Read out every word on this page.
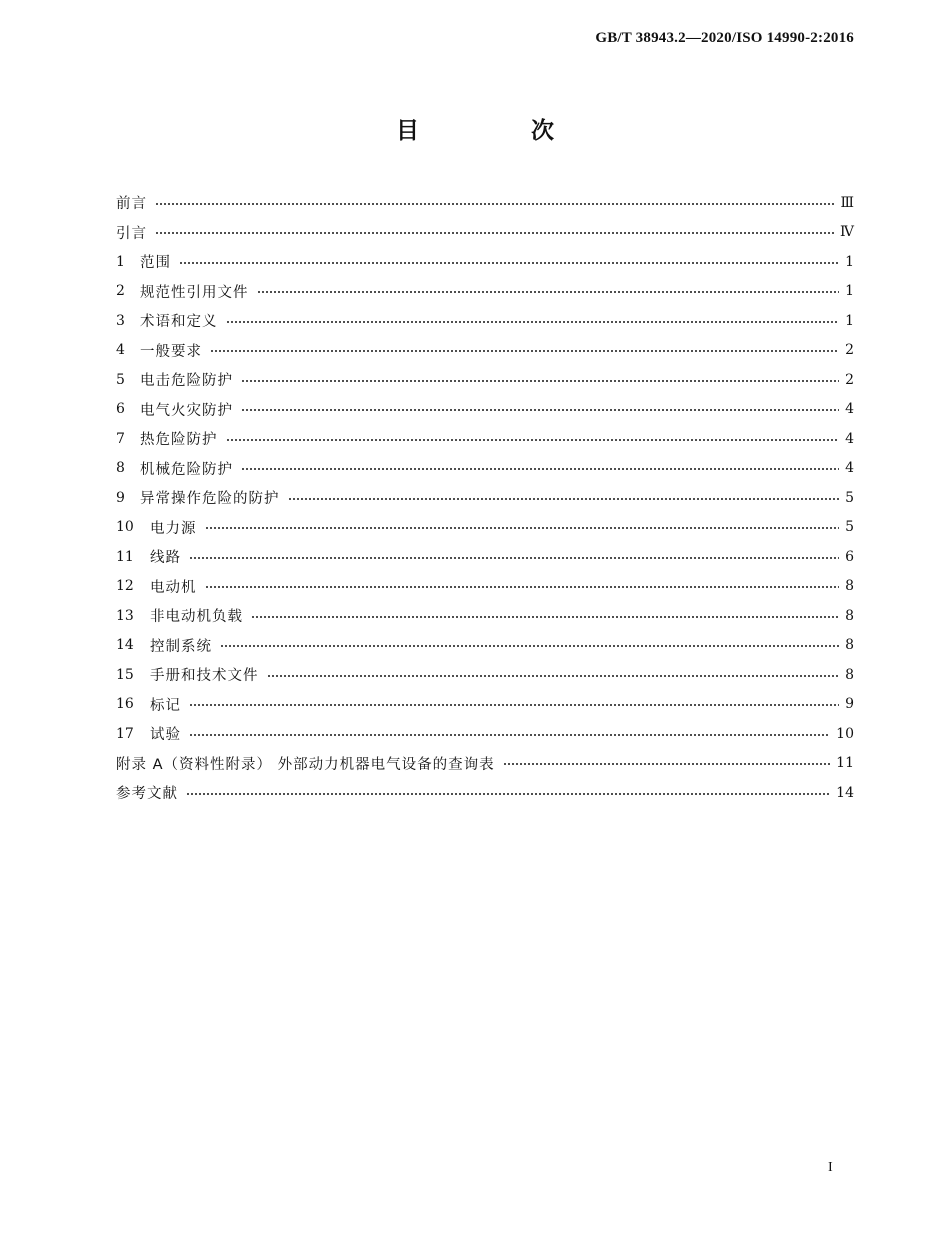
GB/T 38943.2—2020/ISO 14990-2:2016
目 次
前言	Ⅲ
引言	Ⅳ
1 范围	1
2 规范性引用文件	1
3 术语和定义	1
4 一般要求	2
5 电击危险防护	2
6 电气火灾防护	4
7 热危险防护	4
8 机械危险防护	4
9 异常操作危险的防护	5
10 电力源	5
11 线路	6
12 电动机	8
13 非电动机负载	8
14 控制系统	8
15 手册和技术文件	8
16 标记	9
17 试验	10
附录 A（资料性附录） 外部动力机器电气设备的查询表	11
参考文献	14
I
